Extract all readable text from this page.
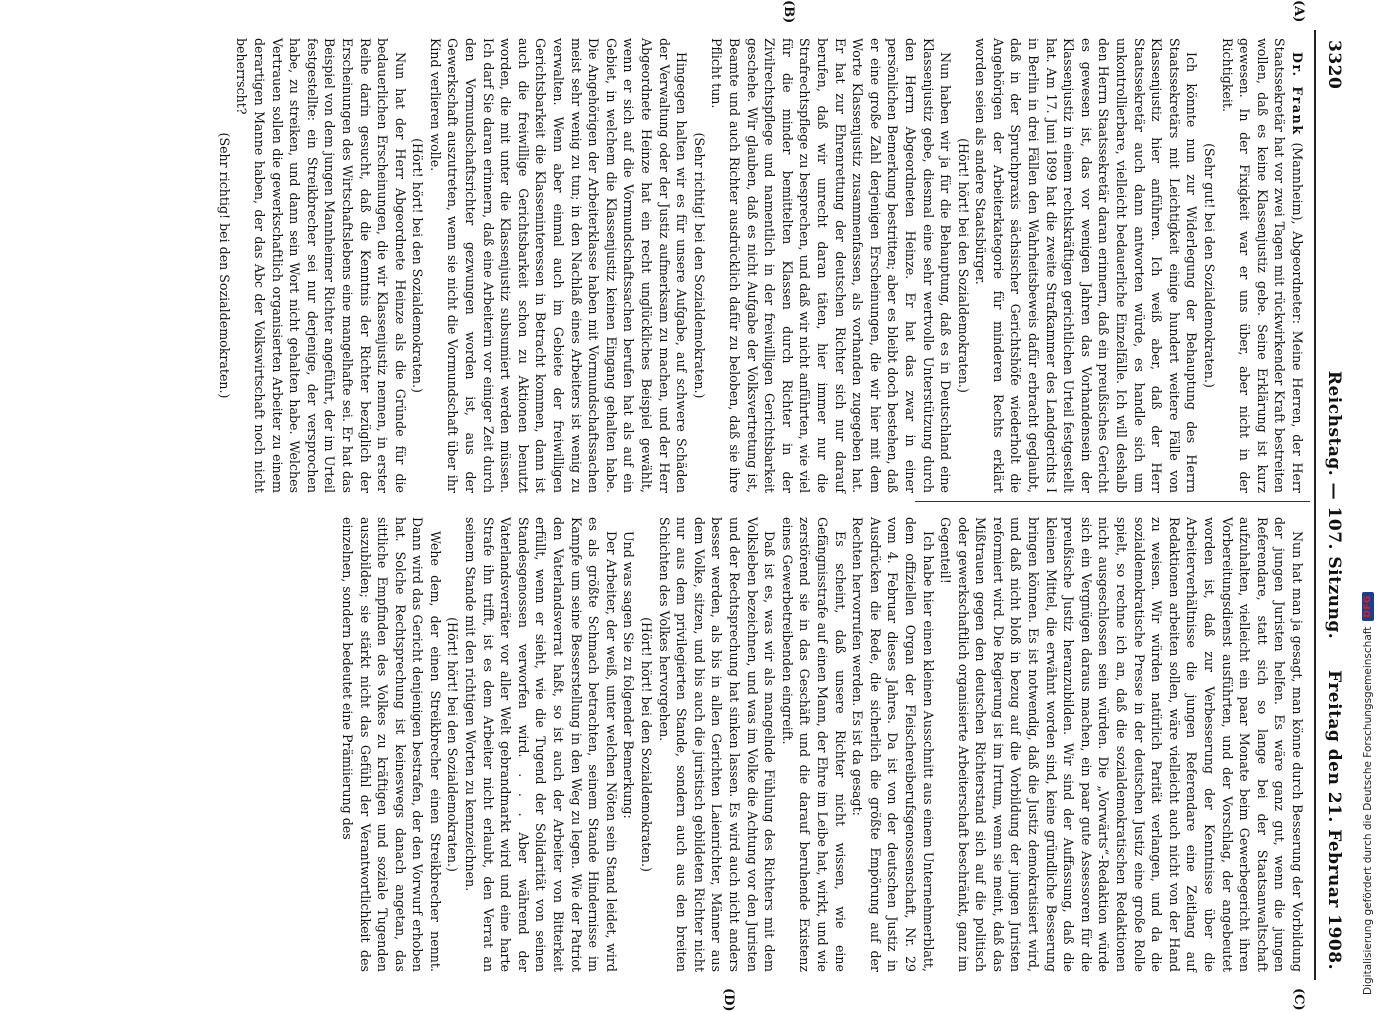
3320
Reichstag. — 107. Sitzung.
Freitag den 21. Februar 1908.
(A)
(B)
(C)
(D)

Dr. Frank (Mannheim), Abgeordneter: Meine Herren, der Herr Staatssekretär hat vor zwei Tagen mit rückwirkender Kraft bestreiten wollen, daß es keine Klassenjustiz gebe. Seine Erklärung ist kurz gewesen. In der Fixigkeit war er uns über, aber nicht in der Richtigkeit.

(Sehr gut! bei den Sozialdemokraten.)

Ich könnte nun zur Widerlegung der Behauptung des Herrn Staatssekretärs mit Leichtigkeit einige hundert weitere Fälle von Klassenjustiz hier anführen. Ich weiß aber, daß der Herr Staatssekretär auch dann antworten würde, es handle sich um unkontrollierbare, vielleicht bedauerliche Einzelfälle. Ich will deshalb den Herrn Staatssekretär daran erinnern, daß ein preußisches Gericht es gewesen ist, das vor wenigen Jahren das Vorhandensein der Klassenjustiz in einem rechtskräftigen gerichtlichen Urteil festgestellt hat. Am 17. Juni 1899 hat die zweite Strafkammer des Landgerichts I in Berlin in drei Fällen den Wahrheitsbeweis dafür erbracht geglaubt, daß in der Spruchpraxis sächsischer Gerichtshöfe wiederholt die Angehörigen der Arbeiterkategorie für minderen Rechts erklärt worden seien als andere Staatsbürger.

(Hört! hört! bei den Sozialdemokraten.)

Nun haben wir ja für die Behauptung, daß es in Deutschland eine Klassenjustiz gebe, diesmal eine sehr wertvolle Unterstützung durch den Herrn Abgeordneten Heinze. Er hat das zwar in einer persönlichen Bemerkung bestritten; aber es bleibt doch bestehen, daß er eine große Zahl derjenigen Erscheinungen, die wir hier mit dem Worte Klassenjustiz zusammenfassen, als vorhanden zugegeben hat. Er hat zur Ehrenrettung der deutschen Richter sich nur darauf berufen, daß wir unrecht daran täten, hier immer nur die Strafrechtspflege zu besprechen, und daß wir nicht anführten, wie viel für die minder bemittelten Klassen durch Richter in der Zivilrechtspflege und namentlich in der freiwilligen Gerichtsbarkeit geschehe. Wir glauben, daß es nicht Aufgabe der Volksvertretung ist, Beamte und auch Richter ausdrücklich dafür zu beloben, daß sie ihre Pflicht tun.

(Sehr richtig! bei den Sozialdemokraten.)

Hingegen halten wir es für unsere Aufgabe, auf schwere Schäden der Verwaltung oder der Justiz aufmerksam zu machen, und der Herr Abgeordnete Heinze hat ein recht unglückliches Beispiel gewählt, wenn er sich auf die Vormundschaftssachen berufen hat als auf ein Gebiet, in welchem die Klassenjustiz keinen Eingang gehalten habe. Die Angehörigen der Arbeiterklasse haben mit Vormundschaftssachen meist sehr wenig zu tun; in den Nachlaß eines Arbeiters ist wenig zu verwalten. Wenn aber einmal auch im Gebiete der freiwilligen Gerichtsbarkeit die Klasseninteressen in Betracht kommen, dann ist auch die freiwillige Gerichtsbarkeit schon zu Aktionen benutzt worden, die mit unter die Klassenjustiz subsumiert werden müssen. Ich darf Sie daran erinnern, daß eine Arbeiterin vor einiger Zeit durch den Vormundschaftsrichter gezwungen worden ist, aus der Gewerkschaft auszutreten, wenn sie nicht die Vormundschaft über ihr Kind verlieren wolle.

(Hört! hört! bei den Sozialdemokraten.)

Nun hat der Herr Abgeordnete Heinze als die Gründe für die bedauerlichen Erscheinungen, die wir Klassenjustiz nennen, in erster Reihe darin gesucht, daß die Kenntnis der Richter bezüglich der Erscheinungen des Wirtschaftslebens eine mangelhafte sei. Er hat das Beispiel von dem jungen Mannheimer Richter angeführt, der im Urteil festgestellte: ein Streikbrecher sei nur derjenige, der versprochen habe, zu streiken, und dann sein Wort nicht gehalten habe. Welches Vertrauen sollen die gewerkschaftlich organisierten Arbeiter zu einem derartigen Manne haben, der das Abc der Volkswirtschaft noch nicht beherrscht?

(Sehr richtig! bei den Sozialdemokraten.)

Nun hat man ja gesagt, man könne durch Besserung der Vorbildung der jungen Juristen helfen. Es wäre ganz gut, wenn die jungen Referendare, statt sich so lange bei der Staatsanwaltschaft aufzuhalten, vielleicht ein paar Monate beim Gewerbegericht ihren Vorbereitungsdienst ausführten, und der Vorschlag, der angebeutet worden ist, daß zur Verbesserung der Kenntnisse über die Arbeiterverhältnisse die jungen Referendare eine Zeitlang auf Redaktionen arbeiten sollen, wäre vielleicht auch nicht von der Hand zu weisen. Wir würden natürlich Parität verlangen, und da die sozialdemokratische Presse in der deutschen Justiz eine große Rolle spielt, so rechne ich an, daß die sozialdemokratischen Redaktionen nicht ausgeschlossen sein würden. Die „Vorwärts“-Redaktion würde sich ein Vergnügen daraus machen, ein paar gute Assessoren für die preußische Justiz heranzubilden. Wir sind der Auffassung, daß die kleinen Mittel, die erwähnt worden sind, keine gründliche Besserung bringen können. Es ist notwendig, daß die Justiz demokratisiert wird, und daß nicht bloß in bezug auf die Vorbildung der jungen Juristen reformiert wird. Die Regierung ist im Irrtum, wenn sie meint, daß das Mißtrauen gegen den deutschen Richterstand sich auf die politisch oder gewerkschaftlich organisierte Arbeiterschaft beschränkt, ganz im Gegenteil!

Ich habe hier einen kleinen Ausschnitt aus einem Unternehmerblatt, dem offiziellen Organ der Fleischereiberufsgenossenschaft, Nr. 29 vom 4. Februar dieses Jahres. Da ist von der deutschen Justiz in Ausdrücken die Rede, die sicherlich die größte Empörung auf der Rechten hervorrufen werden. Es ist da gesagt:

Es scheint, daß unsere Richter nicht wissen, wie eine Gefängnisstrafe auf einen Mann, der Ehre im Leibe hat, wirkt, und wie zerstörend sie in das Geschäft und die darauf beruhende Existenz eines Gewerbetreibenden eingreift.

Daß ist es, was wir als mangelnde Fühlung des Richters mit dem Volksleben bezeichnen, und was im Volke die Achtung vor den Juristen und der Rechtsprechung hat sinken lassen. Es wird auch nicht anders besser werden, als bis in allen Gerichten Laienrichter, Männer aus dem Volke, sitzen, und bis auch die juristisch gebildeten Richter nicht nur aus dem privilegierten Stande, sondern auch aus den breiten Schichten des Volkes hervorgehen.

(Hört! hört! bei den Sozialdemokraten.)

Und was sagen Sie zu folgender Bemerkung:

Der Arbeiter, der weiß, unter welchen Nöten sein Stand leidet, wird es als größte Schmach betrachten, seinem Stande Hindernisse im Kampfe um seine Besserstellung in den Weg zu legen. Wie der Patriot den Vaterlandsverrat haßt, so ist auch der Arbeiter von Bitterkeit erfüllt, wenn er sieht, wie die Tugend der Solidarität von seinen Standesgenossen verworfen wird. . . . Aber während der Vaterlandsverräter vor aller Welt gebrandmarkt wird und eine harte Strafe ihn trifft, ist es dem Arbeiter nicht erlaubt, den Verrat an seinem Stande mit den richtigen Worten zu kennzeichnen.

(Hört! hört! bei den Sozialdemokraten.)

Wehe dem, der einen Streikbrecher einen Streikbrecher nennt. Dann wird das Gericht denjenigen bestrafen, der den Vorwurf erhoben hat. Solche Rechtsprechung ist keineswegs danach angetan, das sittliche Empfinden des Volkes zu kräftigen und soziale Tugenden auszubilden; sie stärkt nicht das Gefühl der Verantwortlichkeit des einzelnen, sondern bedeutet eine Prämiierung des	Digitalisierung gefördert durch die Deutsche Forschungsgemeinschaft
DFG
